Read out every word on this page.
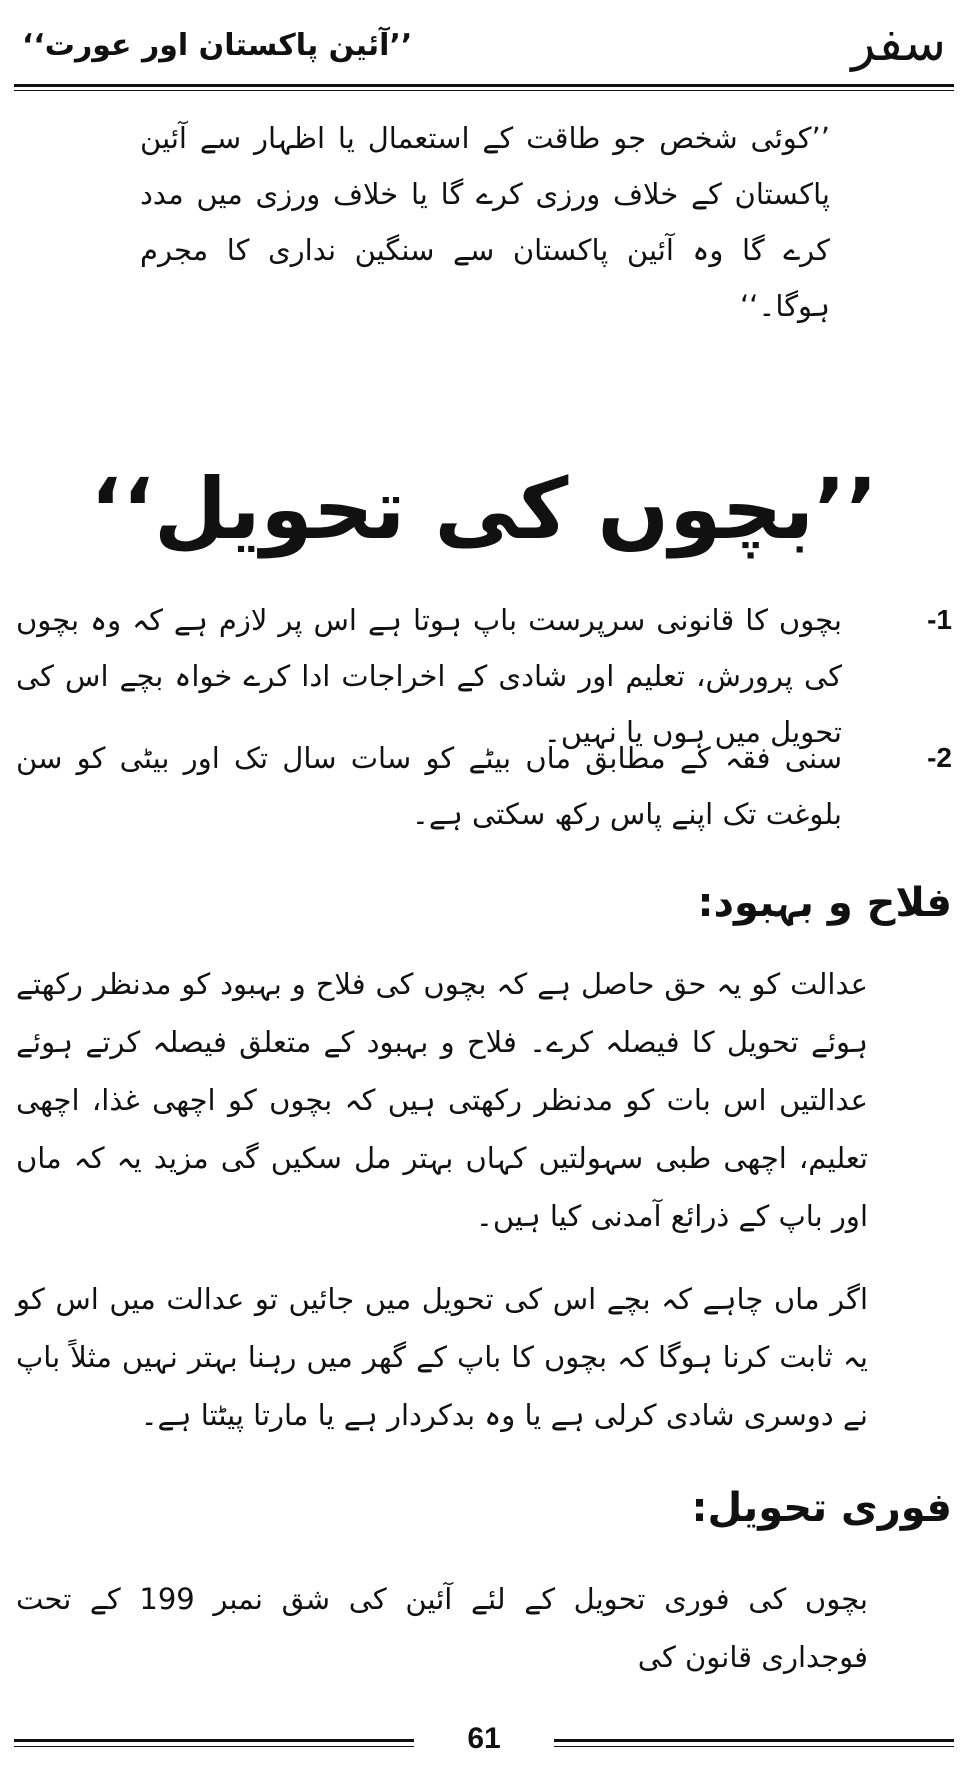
’’آئین پاکستان اور عورت‘‘	سفر

’’کوئی شخص جو طاقت کے استعمال یا اظہار سے آئین پاکستان کے خلاف ورزی کرے گا یا خلاف ورزی میں مدد کرے گا وہ آئین پاکستان سے سنگین نداری کا مجرم ہوگا۔‘‘

’’بچوں کی تحویل‘‘
-1
بچوں کا قانونی سرپرست باپ ہوتا ہے اس پر لازم ہے کہ وہ بچوں کی پرورش، تعلیم اور شادی کے اخراجات ادا کرے خواہ بچے اس کی تحویل میں ہوں یا نہیں۔
-2
سنی فقہ کے مطابق ماں بیٹے کو سات سال تک اور بیٹی کو سن بلوغت تک اپنے پاس رکھ سکتی ہے۔
فلاح و بہبود:

عدالت کو یہ حق حاصل ہے کہ بچوں کی فلاح و بہبود کو مدنظر رکھتے ہوئے تحویل کا فیصلہ کرے۔ فلاح و بہبود کے متعلق فیصلہ کرتے ہوئے عدالتیں اس بات کو مدنظر رکھتی ہیں کہ بچوں کو اچھی غذا، اچھی تعلیم، اچھی طبی سہولتیں کہاں بہتر مل سکیں گی مزید یہ کہ ماں اور باپ کے ذرائع آمدنی کیا ہیں۔

اگر ماں چاہے کہ بچے اس کی تحویل میں جائیں تو عدالت میں اس کو یہ ثابت کرنا ہوگا کہ بچوں کا باپ کے گھر میں رہنا بہتر نہیں مثلاً باپ نے دوسری شادی کرلی ہے یا وہ بدکردار ہے یا مارتا پیٹتا ہے۔

فوری تحویل:

بچوں کی فوری تحویل کے لئے آئین کی شق نمبر 199 کے تحت فوجداری قانون کی

61
